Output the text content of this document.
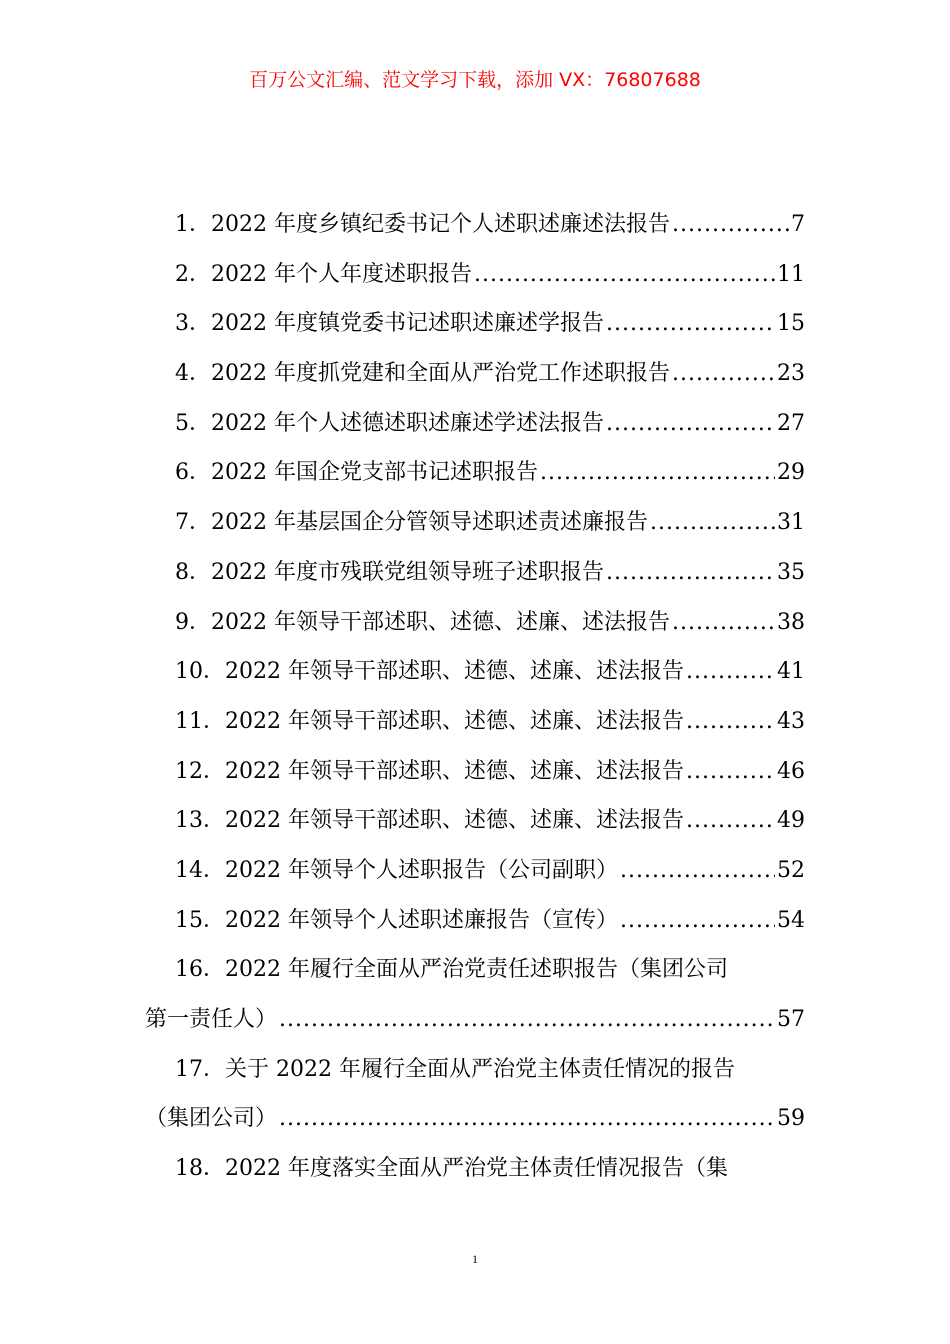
百万公文汇编、范文学习下载，添加 VX：76807688
1． 2022 年度乡镇纪委书记个人述职述廉述法报告 .....	7
2． 2022 年个人年度述职报告 .....	11
3． 2022 年度镇党委书记述职述廉述学报告 .....	15
4． 2022 年度抓党建和全面从严治党工作述职报告 .....	23
5． 2022 年个人述德述职述廉述学述法报告 .....	27
6． 2022 年国企党支部书记述职报告 .....	29
7． 2022 年基层国企分管领导述职述责述廉报告 .....	31
8． 2022 年度市残联党组领导班子述职报告 .....	35
9． 2022 年领导干部述职、述德、述廉、述法报告 .....	38
10． 2022 年领导干部述职、述德、述廉、述法报告 .....	41
11． 2022 年领导干部述职、述德、述廉、述法报告 .....	43
12． 2022 年领导干部述职、述德、述廉、述法报告 .....	46
13． 2022 年领导干部述职、述德、述廉、述法报告 .....	49
14． 2022 年领导个人述职报告（公司副职） .....	52
15． 2022 年领导个人述职述廉报告（宣传） .....	54
16．2022 年履行全面从严治党责任述职报告（集团公司
第一责任人） .....	57
17．关于 2022 年履行全面从严治党主体责任情况的报告
（集团公司） .....	59
18．2022 年度落实全面从严治党主体责任情况报告（集
1
